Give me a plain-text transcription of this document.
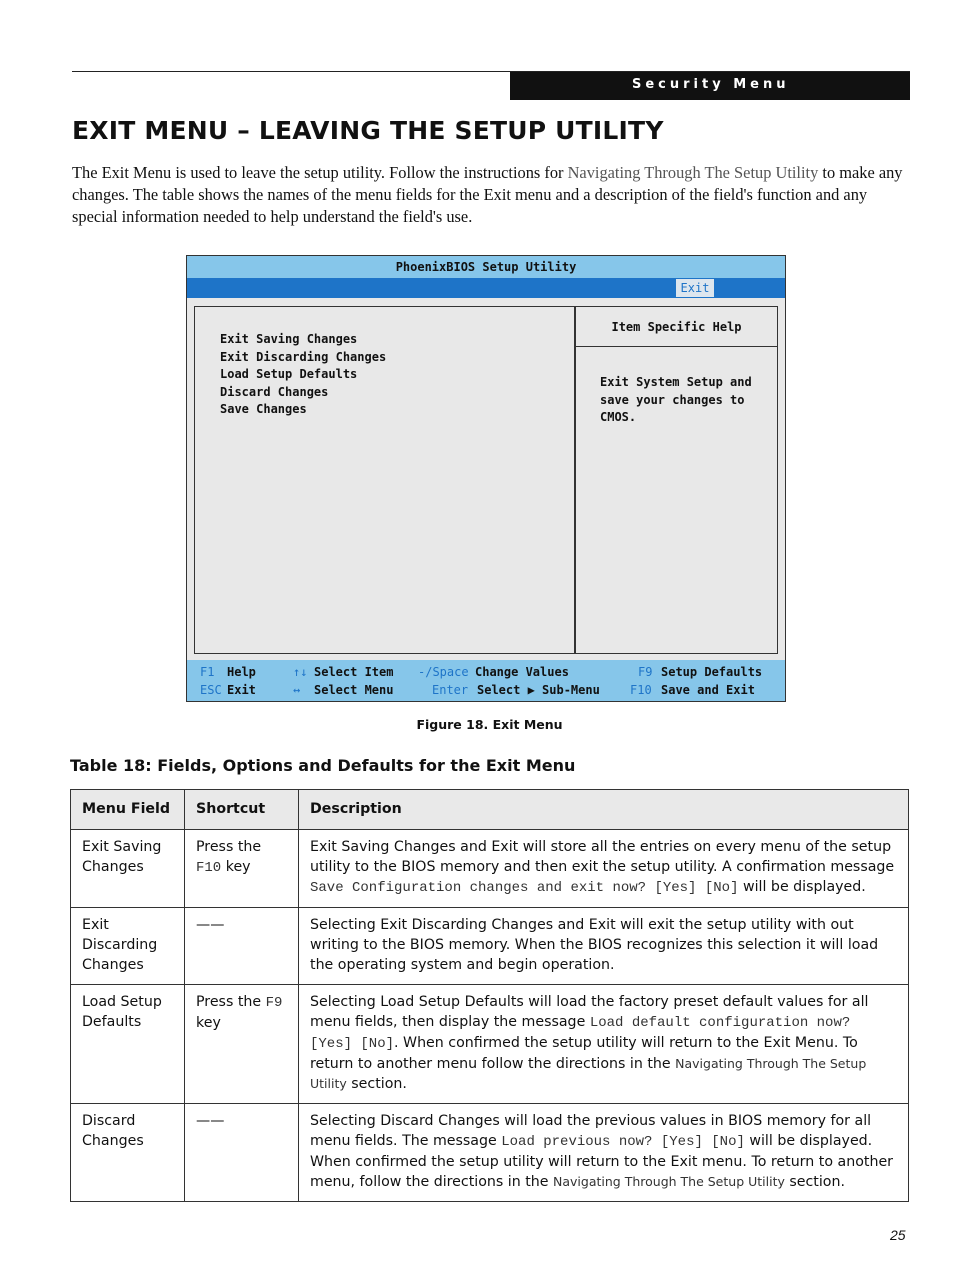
Security Menu
EXIT MENU – LEAVING THE SETUP UTILITY

The Exit Menu is used to leave the setup utility. Follow the instructions for Navigating Through The Setup Utility to make any changes. The table shows the names of the menu fields for the Exit menu and a description of the field's function and any special information needed to help understand the field's use.

PhoenixBIOS Setup Utility
Exit
Item Specific Help
Exit Saving Changes
Exit Discarding Changes
Load Setup Defaults
Discard Changes
Save Changes
Exit System Setup and
save your changes to
CMOS.
F1 Help	↑↓ Select Item -/Space Change Values	F9 Setup Defaults
ESC Exit	↔ Select Menu	Enter Select ▶ Sub-Menu	F10 Save and Exit
Figure 18. Exit Menu
Table 18: Fields, Options and Defaults for the Exit Menu
Menu Field	Shortcut	Description
Exit Saving Changes	Press the F10 key	Exit Saving Changes and Exit will store all the entries on every menu of the setup utility to the BIOS memory and then exit the setup utility. A confirmation message Save Configuration changes and exit now? [Yes] [No] will be displayed.
Exit Discarding Changes	——	Selecting Exit Discarding Changes and Exit will exit the setup utility with out writing to the BIOS memory. When the BIOS recognizes this selection it will load the operating system and begin operation.
Load Setup Defaults	Press the F9 key	Selecting Load Setup Defaults will load the factory preset default values for all menu fields, then display the message Load default configuration now? [Yes] [No]. When confirmed the setup utility will return to the Exit Menu. To return to another menu follow the directions in the Navigating Through The Setup Utility section.
Discard Changes	——	Selecting Discard Changes will load the previous values in BIOS memory for all menu fields. The message Load previous now? [Yes] [No] will be displayed. When confirmed the setup utility will return to the Exit menu. To return to another menu, follow the directions in the Navigating Through The Setup Utility section.
25
